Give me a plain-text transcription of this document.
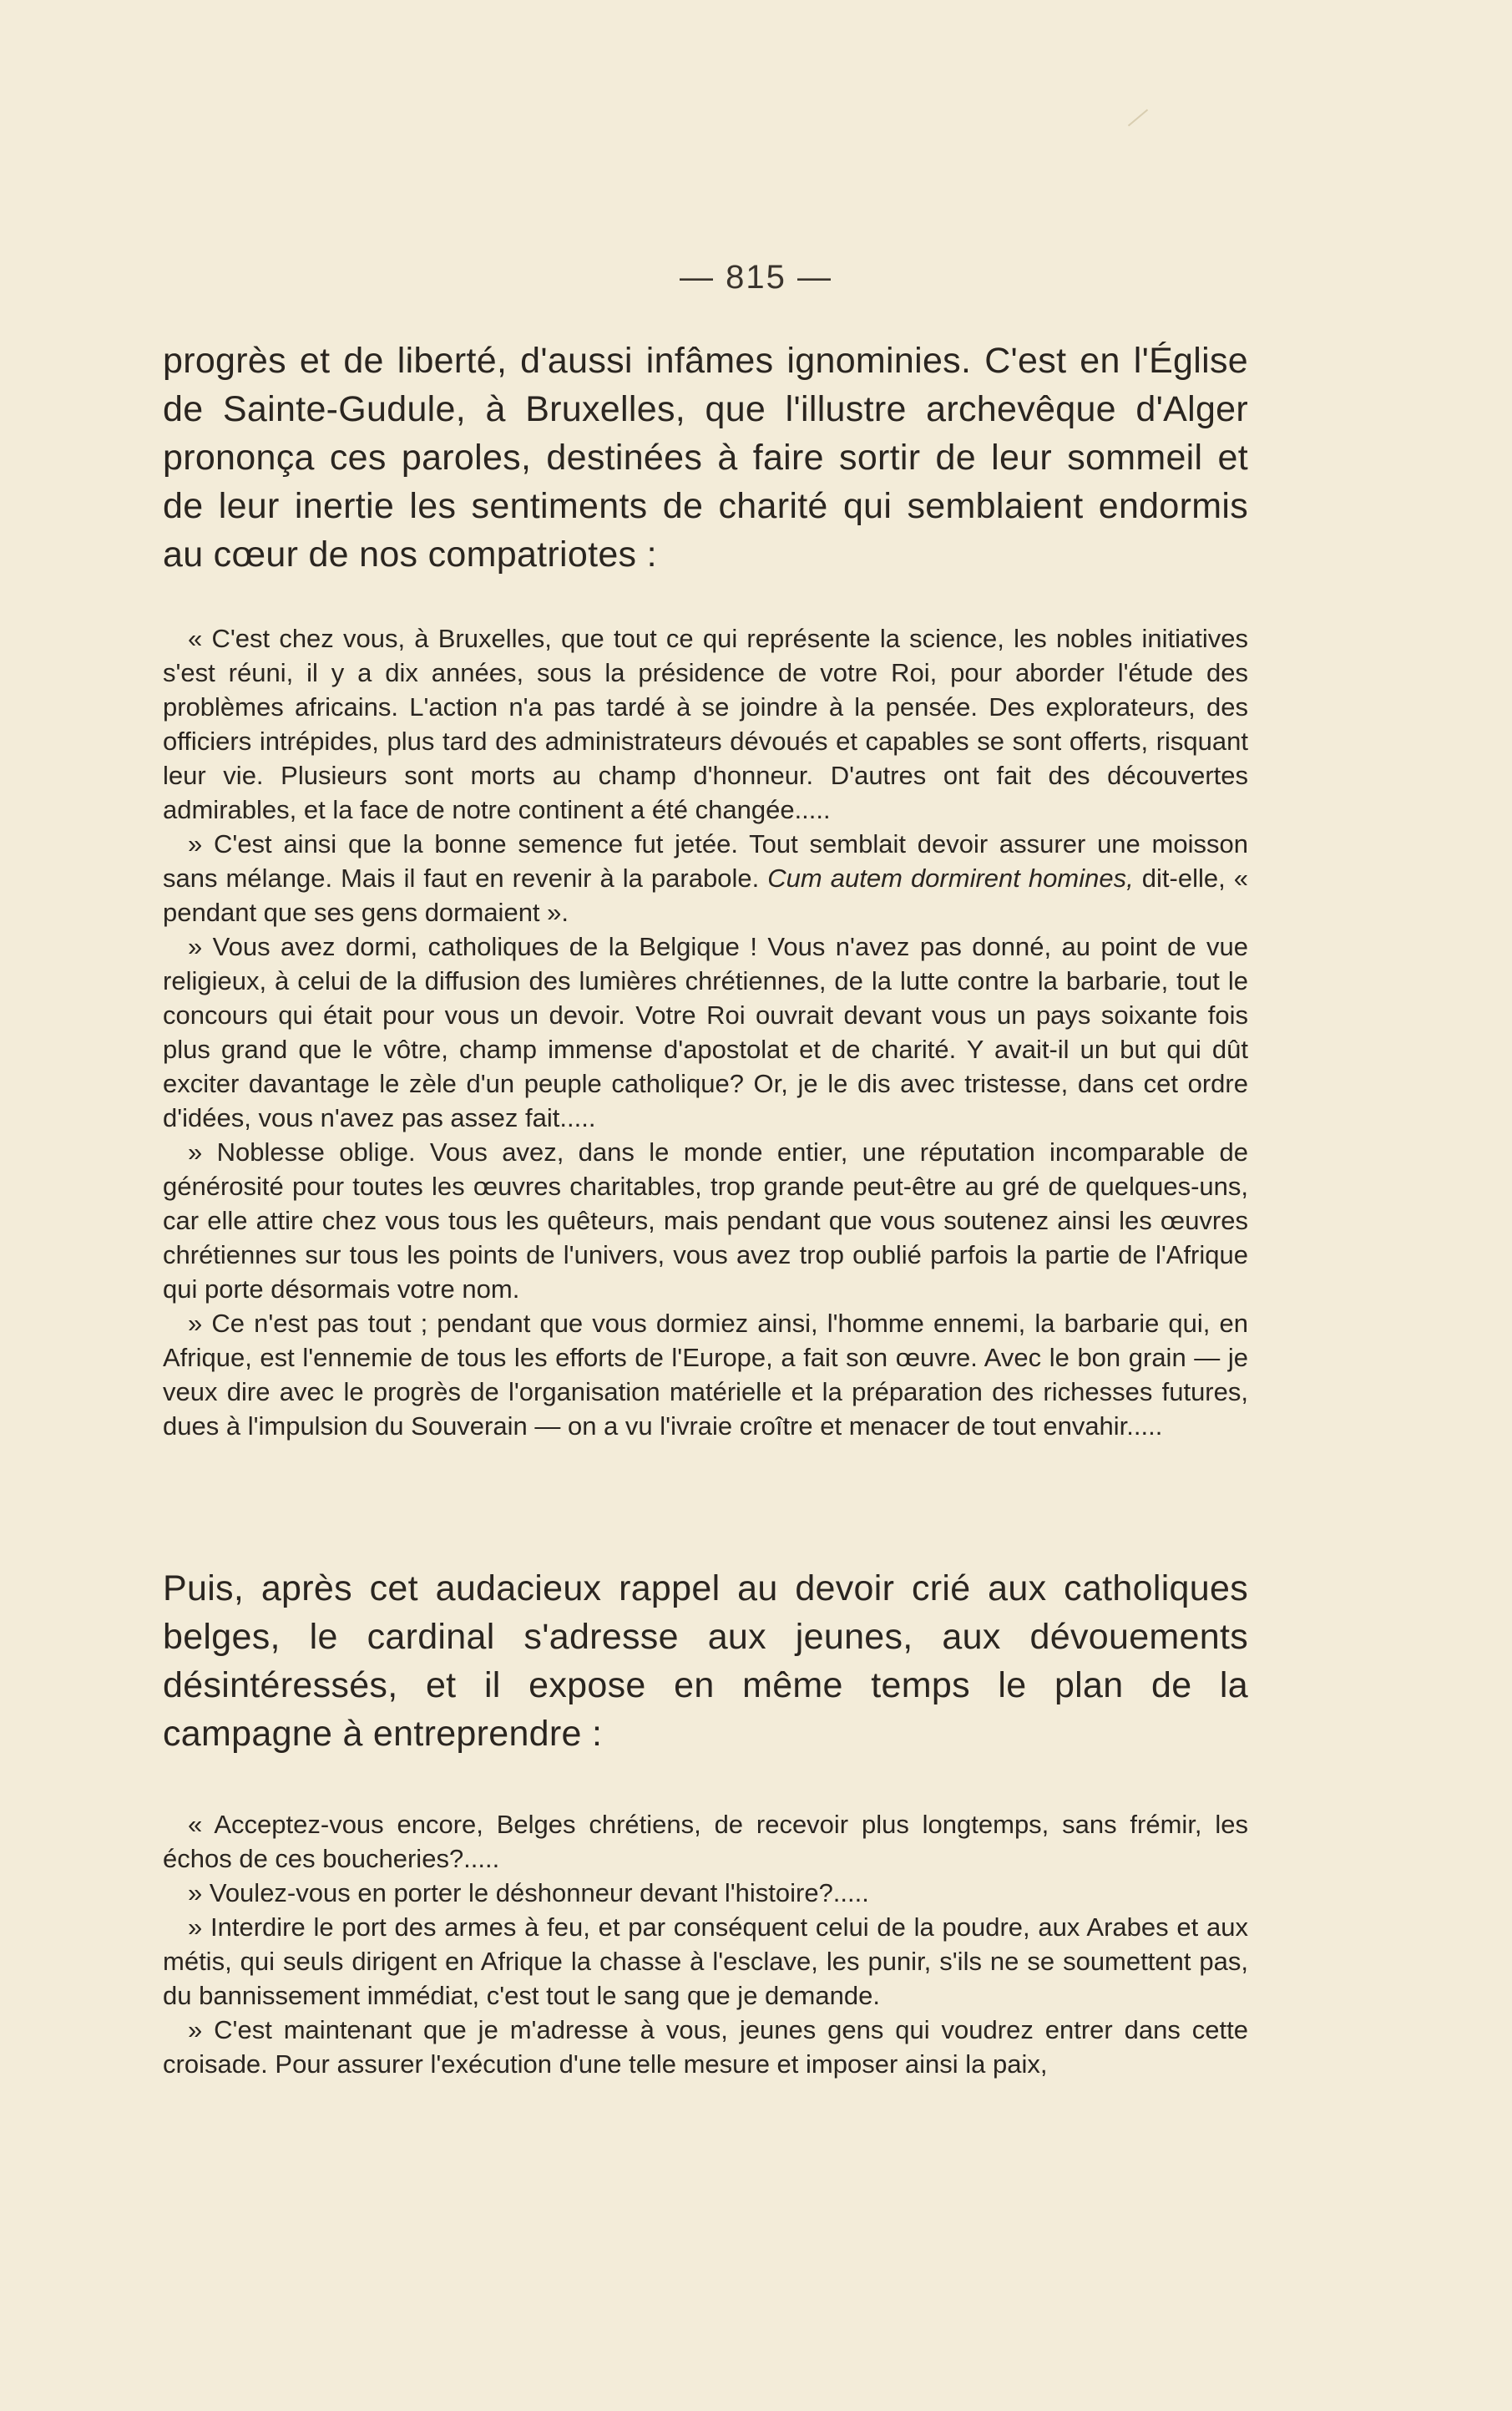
— 815 —

progrès et de liberté, d'aussi infâmes ignominies. C'est en l'Église de Sainte-Gudule, à Bruxelles, que l'illustre archevêque d'Alger prononça ces paroles, destinées à faire sortir de leur sommeil et de leur inertie les sentiments de charité qui semblaient endormis au cœur de nos compatriotes :

« C'est chez vous, à Bruxelles, que tout ce qui représente la science, les nobles initiatives s'est réuni, il y a dix années, sous la présidence de votre Roi, pour aborder l'étude des problèmes africains. L'action n'a pas tardé à se joindre à la pensée. Des explorateurs, des officiers intrépides, plus tard des administrateurs dévoués et capables se sont offerts, risquant leur vie. Plusieurs sont morts au champ d'honneur. D'autres ont fait des découvertes admirables, et la face de notre continent a été changée.....

» C'est ainsi que la bonne semence fut jetée. Tout semblait devoir assurer une moisson sans mélange. Mais il faut en revenir à la parabole. Cum autem dormirent homines, dit-elle, « pendant que ses gens dormaient ».

» Vous avez dormi, catholiques de la Belgique ! Vous n'avez pas donné, au point de vue religieux, à celui de la diffusion des lumières chrétiennes, de la lutte contre la barbarie, tout le concours qui était pour vous un devoir. Votre Roi ouvrait devant vous un pays soixante fois plus grand que le vôtre, champ immense d'apostolat et de charité. Y avait-il un but qui dût exciter davantage le zèle d'un peuple catholique? Or, je le dis avec tristesse, dans cet ordre d'idées, vous n'avez pas assez fait.....

» Noblesse oblige. Vous avez, dans le monde entier, une réputation incomparable de générosité pour toutes les œuvres charitables, trop grande peut-être au gré de quelques-uns, car elle attire chez vous tous les quêteurs, mais pendant que vous soutenez ainsi les œuvres chrétiennes sur tous les points de l'univers, vous avez trop oublié parfois la partie de l'Afrique qui porte désormais votre nom.

» Ce n'est pas tout ; pendant que vous dormiez ainsi, l'homme ennemi, la barbarie qui, en Afrique, est l'ennemie de tous les efforts de l'Europe, a fait son œuvre. Avec le bon grain — je veux dire avec le progrès de l'organisation matérielle et la préparation des richesses futures, dues à l'impulsion du Souverain — on a vu l'ivraie croître et menacer de tout envahir.....

Puis, après cet audacieux rappel au devoir crié aux catholiques belges, le cardinal s'adresse aux jeunes, aux dévouements désintéressés, et il expose en même temps le plan de la campagne à entreprendre :

« Acceptez-vous encore, Belges chrétiens, de recevoir plus longtemps, sans frémir, les échos de ces boucheries?.....

» Voulez-vous en porter le déshonneur devant l'histoire?.....

» Interdire le port des armes à feu, et par conséquent celui de la poudre, aux Arabes et aux métis, qui seuls dirigent en Afrique la chasse à l'esclave, les punir, s'ils ne se soumettent pas, du bannissement immédiat, c'est tout le sang que je demande.

» C'est maintenant que je m'adresse à vous, jeunes gens qui voudrez entrer dans cette croisade. Pour assurer l'exécution d'une telle mesure et imposer ainsi la paix,
